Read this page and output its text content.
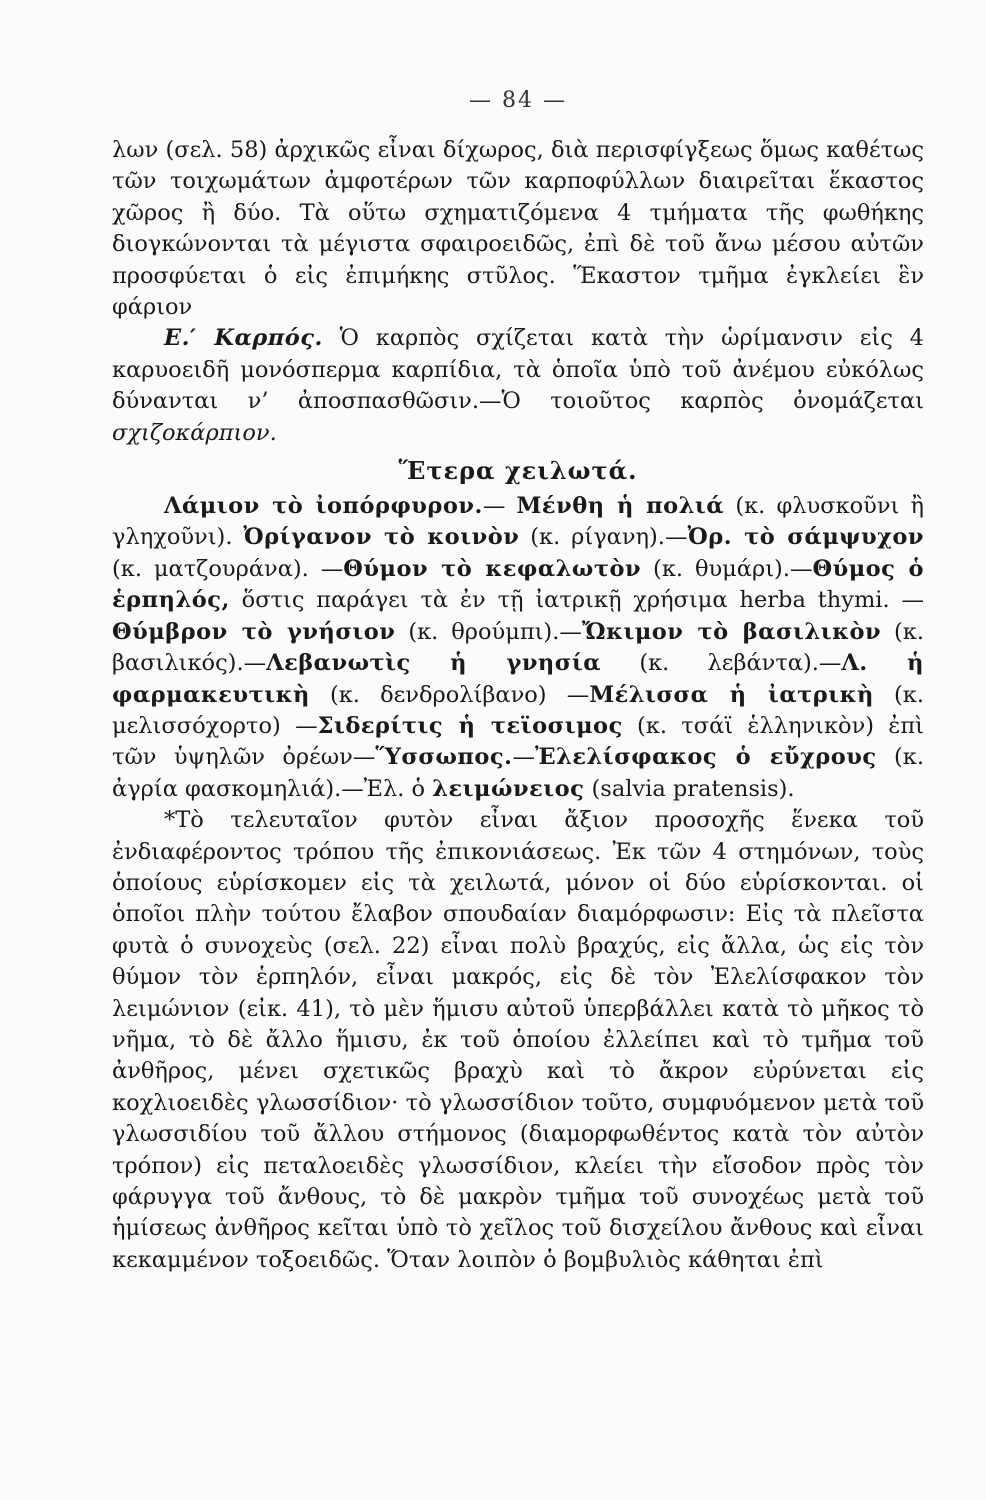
— 84 —

λων (σελ. 58) ἀρχικῶς εἶναι δίχωρος, διὰ περισφίγξεως ὅμως καθέτως τῶν τοιχωμάτων ἀμφοτέρων τῶν καρποφύλλων διαιρεῖται ἕκαστος χῶρος ἢ δύο. Τὰ οὕτω σχηματιζόμενα 4 τμήματα τῆς φωθήκης διογκώνονται τὰ μέγιστα σφαιροειδῶς, ἐπὶ δὲ τοῦ ἄνω μέσου αὐτῶν προσφύεται ὁ εἰς ἐπιμήκης στῦλος. Ἕκαστον τμῆμα ἐγκλείει ἓν φάριον

Ε.′ Καρπός. Ὁ καρπὸς σχίζεται κατὰ τὴν ὡρίμανσιν εἰς 4 καρυοειδῆ μονόσπερμα καρπίδια, τὰ ὁποῖα ὑπὸ τοῦ ἀνέμου εὐκόλως δύνανται ν’ ἀποσπασθῶσιν.—Ὁ τοιοῦτος καρπὸς ὀνομάζεται σχιζοκάρπιον.

Ἕτερα χειλωτά.

Λάμιον τὸ ἰοπόρφυρον.— Μένθη ἡ πολιά (κ. φλυσκοῦνι ἢ γληχοῦνι). Ὀρίγανον τὸ κοινὸν (κ. ρίγανη).—Ὀρ. τὸ σάμψυχον (κ. ματζουράνα). —Θύμον τὸ κεφαλωτὸν (κ. θυμάρι).—Θύμος ὁ ἑρπηλός, ὅστις παράγει τὰ ἐν τῇ ἰατρικῇ χρήσιμα herba thymi. —Θύμβρον τὸ γνήσιον (κ. θρούμπι).—Ὤκιμον τὸ βασιλικὸν (κ. βασιλικός).—Λεβανωτὶς ἡ γνησία (κ. λεβάντα).—Λ. ἡ φαρμακευτικὴ (κ. δενδρολίβανο) —Μέλισσα ἡ ἰατρικὴ (κ. μελισσόχορτο) —Σιδερίτις ἡ τεϊοσιμος (κ. τσάϊ ἑλληνικὸν) ἐπὶ τῶν ὑψηλῶν ὀρέων—Ὕσσωπος.—Ἐλελίσφακος ὁ εὔχρους (κ. ἀγρία φασκομηλιά).—Ἐλ. ὁ λειμώνειος (salvia pratensis).

*Τὸ τελευταῖον φυτὸν εἶναι ἄξιον προσοχῆς ἕνεκα τοῦ ἐνδιαφέροντος τρόπου τῆς ἐπικονιάσεως. Ἐκ τῶν 4 στημόνων, τοὺς ὁποίους εὑρίσκομεν εἰς τὰ χειλωτά, μόνον οἱ δύο εὑρίσκονται. οἱ ὁποῖοι πλὴν τούτου ἔλαβον σπουδαίαν διαμόρφωσιν: Εἰς τὰ πλεῖστα φυτὰ ὁ συνοχεὺς (σελ. 22) εἶναι πολὺ βραχύς, εἰς ἄλλα, ὡς εἰς τὸν θύμον τὸν ἑρπηλόν, εἶναι μακρός, εἰς δὲ τὸν Ἐλελίσφακον τὸν λειμώνιον (εἰκ. 41), τὸ μὲν ἥμισυ αὐτοῦ ὑπερβάλλει κατὰ τὸ μῆκος τὸ νῆμα, τὸ δὲ ἄλλο ἥμισυ, ἐκ τοῦ ὁποίου ἐλλείπει καὶ τὸ τμῆμα τοῦ ἀνθῆρος, μένει σχετικῶς βραχὺ καὶ τὸ ἄκρον εὐρύνεται εἰς κοχλιοειδὲς γλωσσίδιον· τὸ γλωσσίδιον τοῦτο, συμφυόμενον μετὰ τοῦ γλωσσιδίου τοῦ ἄλλου στήμονος (διαμορφωθέντος κατὰ τὸν αὐτὸν τρόπον) εἰς πεταλοειδὲς γλωσσίδιον, κλείει τὴν εἴσοδον πρὸς τὸν φάρυγγα τοῦ ἄνθους, τὸ δὲ μακρὸν τμῆμα τοῦ συνοχέως μετὰ τοῦ ἡμίσεως ἀνθῆρος κεῖται ὑπὸ τὸ χεῖλος τοῦ δισχείλου ἄνθους καὶ εἶναι κεκαμμένον τοξοειδῶς. Ὅταν λοιπὸν ὁ βομβυλιὸς κάθηται ἐπὶ
